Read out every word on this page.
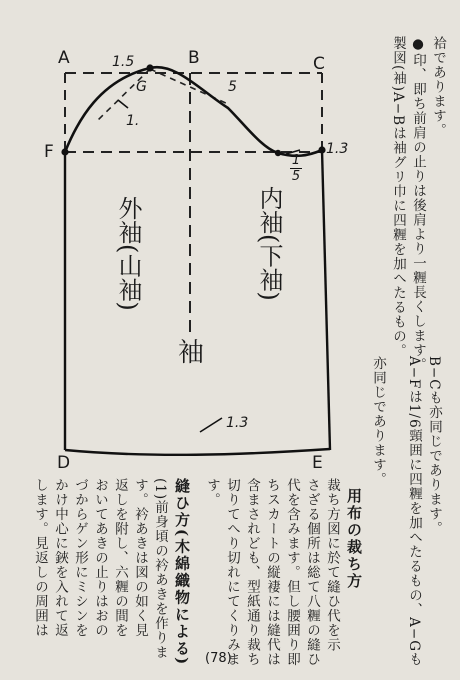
A	B	C
F
D	E
1.5
G	5
1.
1.3
1
5
1.3
外袖(山袖)	内袖(下袖)
袖
袷であります。
●印、即ち前肩の止りは後肩より一糎長くします。
製図(袖)A−Bは袖グリ巾に四糎を加へたるもの。
B−Cも亦同じであります。
A−Fは1/6頸囲に四糎を加へたるもの、A−Gも
亦同じであります。
用布の裁ち方
裁ち方図に於て縫ひ代を示
さざる個所は総て八糎の縫ひ
代を含みます。但し腰囲り即
ちスカートの縦褄には縫代は
含まされども、型紙通り裁ち
切りてへり切れにてくりみま
す。
縫ひ方(木綿織物による)
(1)前身頃の衿あきを作りま
す。衿あきは図の如く見
返しを附し、六糎の間を
おいてあきの止りはおの
づからゲン形にミシンを
かけ中心に鋏を入れて返
します。見返しの周囲は
(78)
